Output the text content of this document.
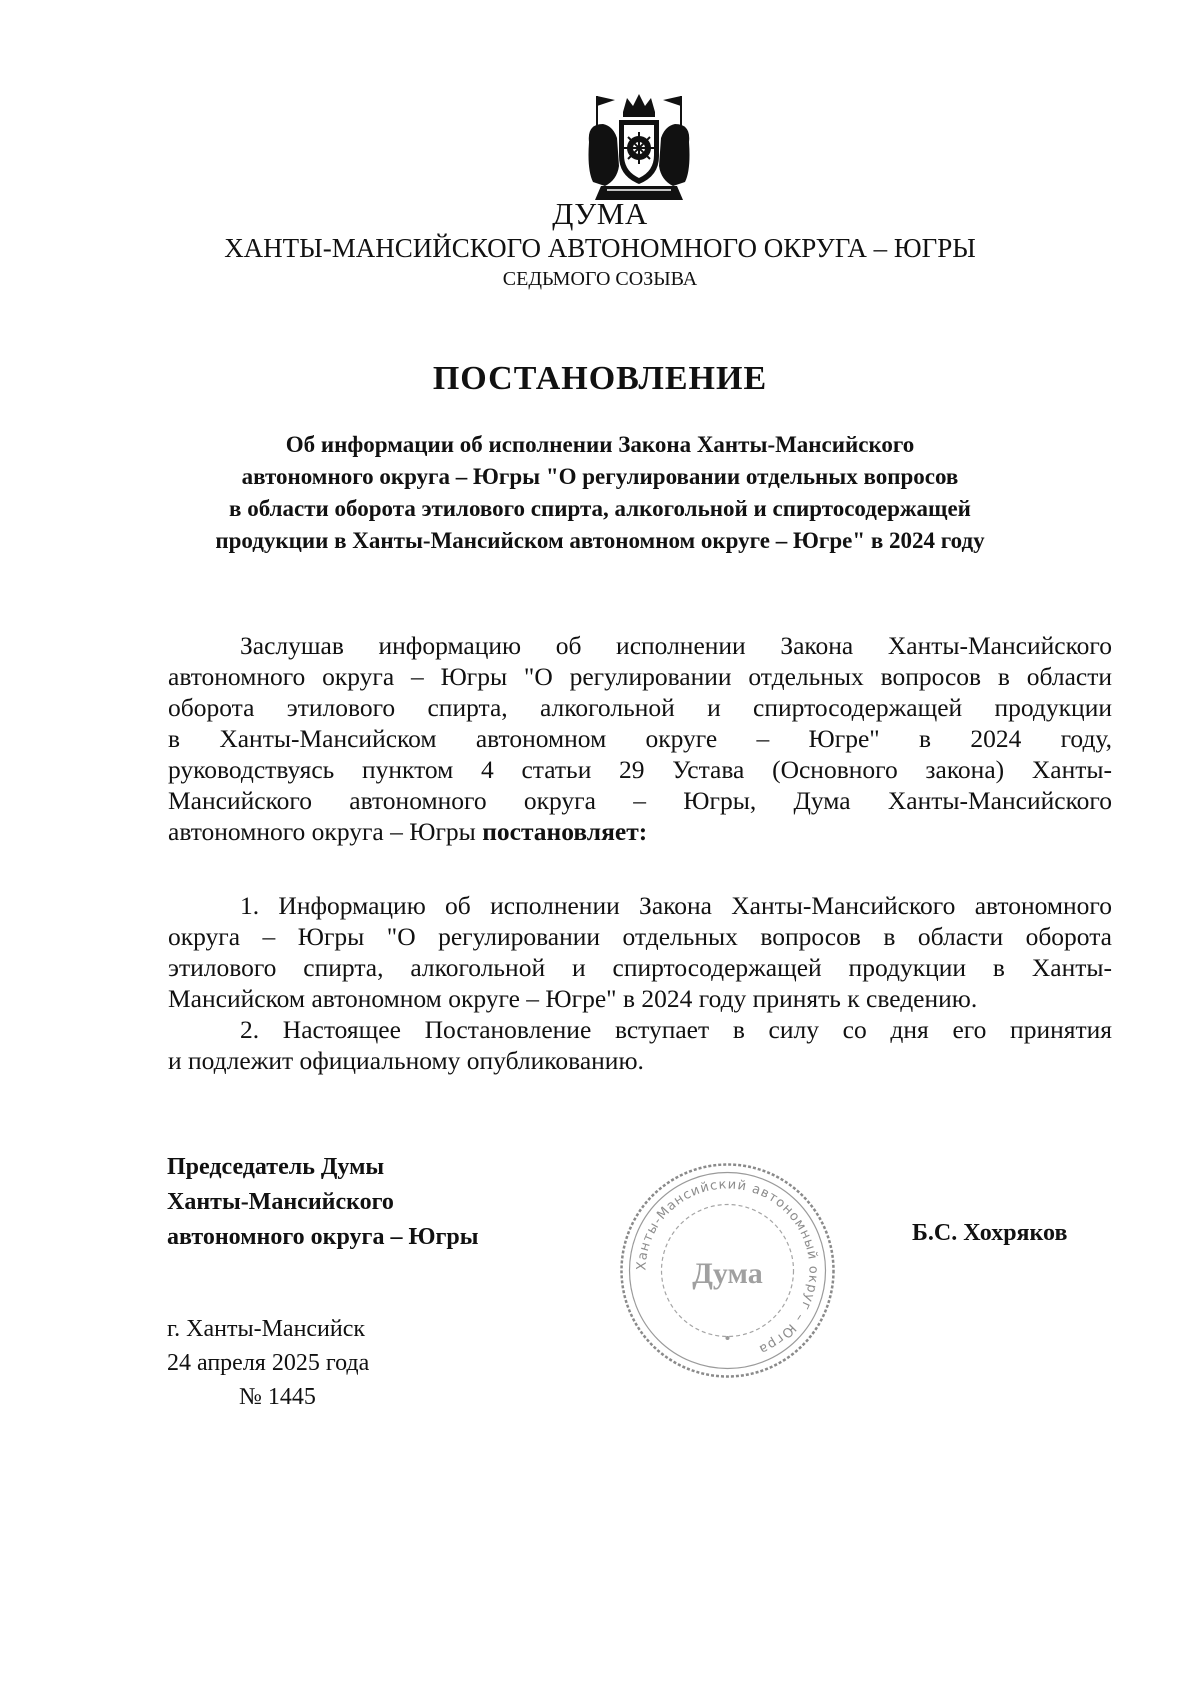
ДУМА
ХАНТЫ-МАНСИЙСКОГО АВТОНОМНОГО ОКРУГА – ЮГРЫ
СЕДЬМОГО СОЗЫВА
ПОСТАНОВЛЕНИЕ
Об информации об исполнении Закона Ханты-Мансийского
автономного округа – Югры "О регулировании отдельных вопросов
в области оборота этилового спирта, алкогольной и спиртосодержащей
продукции в Ханты-Мансийском автономном округе – Югре" в 2024 году
Заслушав информацию об исполнении Закона Ханты-Мансийского
автономного округа – Югры "О регулировании отдельных вопросов в области
оборота этилового спирта, алкогольной и спиртосодержащей продукции
в Ханты-Мансийском автономном округе – Югре" в 2024 году,
руководствуясь пунктом 4 статьи 29 Устава (Основного закона) Ханты-
Мансийского автономного округа – Югры, Дума Ханты-Мансийского
автономного округа – Югры постановляет:
1. Информацию об исполнении Закона Ханты-Мансийского автономного
округа – Югры "О регулировании отдельных вопросов в области оборота
этилового спирта, алкогольной и спиртосодержащей продукции в Ханты-
Мансийском автономном округе – Югре" в 2024 году принять к сведению.
2. Настоящее Постановление вступает в силу со дня его принятия
и подлежит официальному опубликованию.
Председатель Думы
Ханты-Мансийского
автономного округа – Югры
Ханты-Мансийский автономный округ – Югра
Дума
Б.С. Хохряков
г. Ханты-Мансийск
24 апреля 2025 года
№ 1445
